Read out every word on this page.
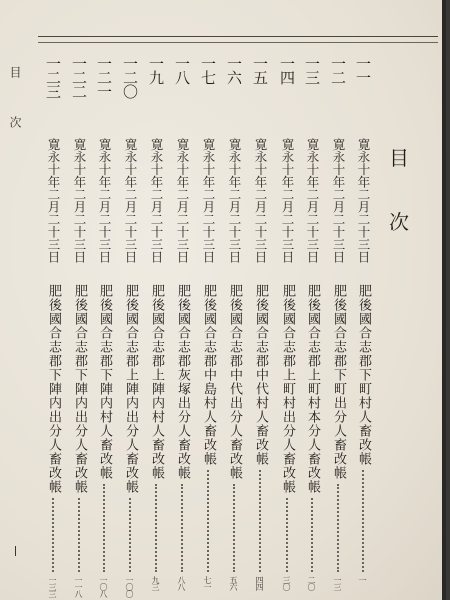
目 次
目
次
一一
寛永十年二月二十三日
肥後國合志郡下町村人畜改帳
一
一二
寛永十年二月二十三日
肥後國合志郡下町出分人畜改帳
一三
一三
寛永十年二月二十三日
肥後國合志郡上町村本分人畜改帳
二〇
一四
寛永十年二月二十三日
肥後國合志郡上町村出分人畜改帳
三〇
一五
寛永十年二月二十三日
肥後國合志郡中代村人畜改帳
四四
一六
寛永十年二月二十三日
肥後國合志郡中代出分人畜改帳
五六
一七
寛永十年二月二十三日
肥後國合志郡中島村人畜改帳
七一
一八
寛永十年二月二十三日
肥後國合志郡灰塚出分人畜改帳
八八
一九
寛永十年二月二十三日
肥後國合志郡上陣内村人畜改帳
九三
一二〇
寛永十年二月二十三日
肥後國合志郡上陣内出分人畜改帳
一〇〇
一二一
寛永十年二月二十三日
肥後國合志郡下陣内村人畜改帳
一〇八
一二二
寛永十年二月二十三日
肥後國合志郡下陣内出分人畜改帳
一一八
一二三
寛永十年二月二十三日
肥後國合志郡下陣内出分人畜改帳
一三三
